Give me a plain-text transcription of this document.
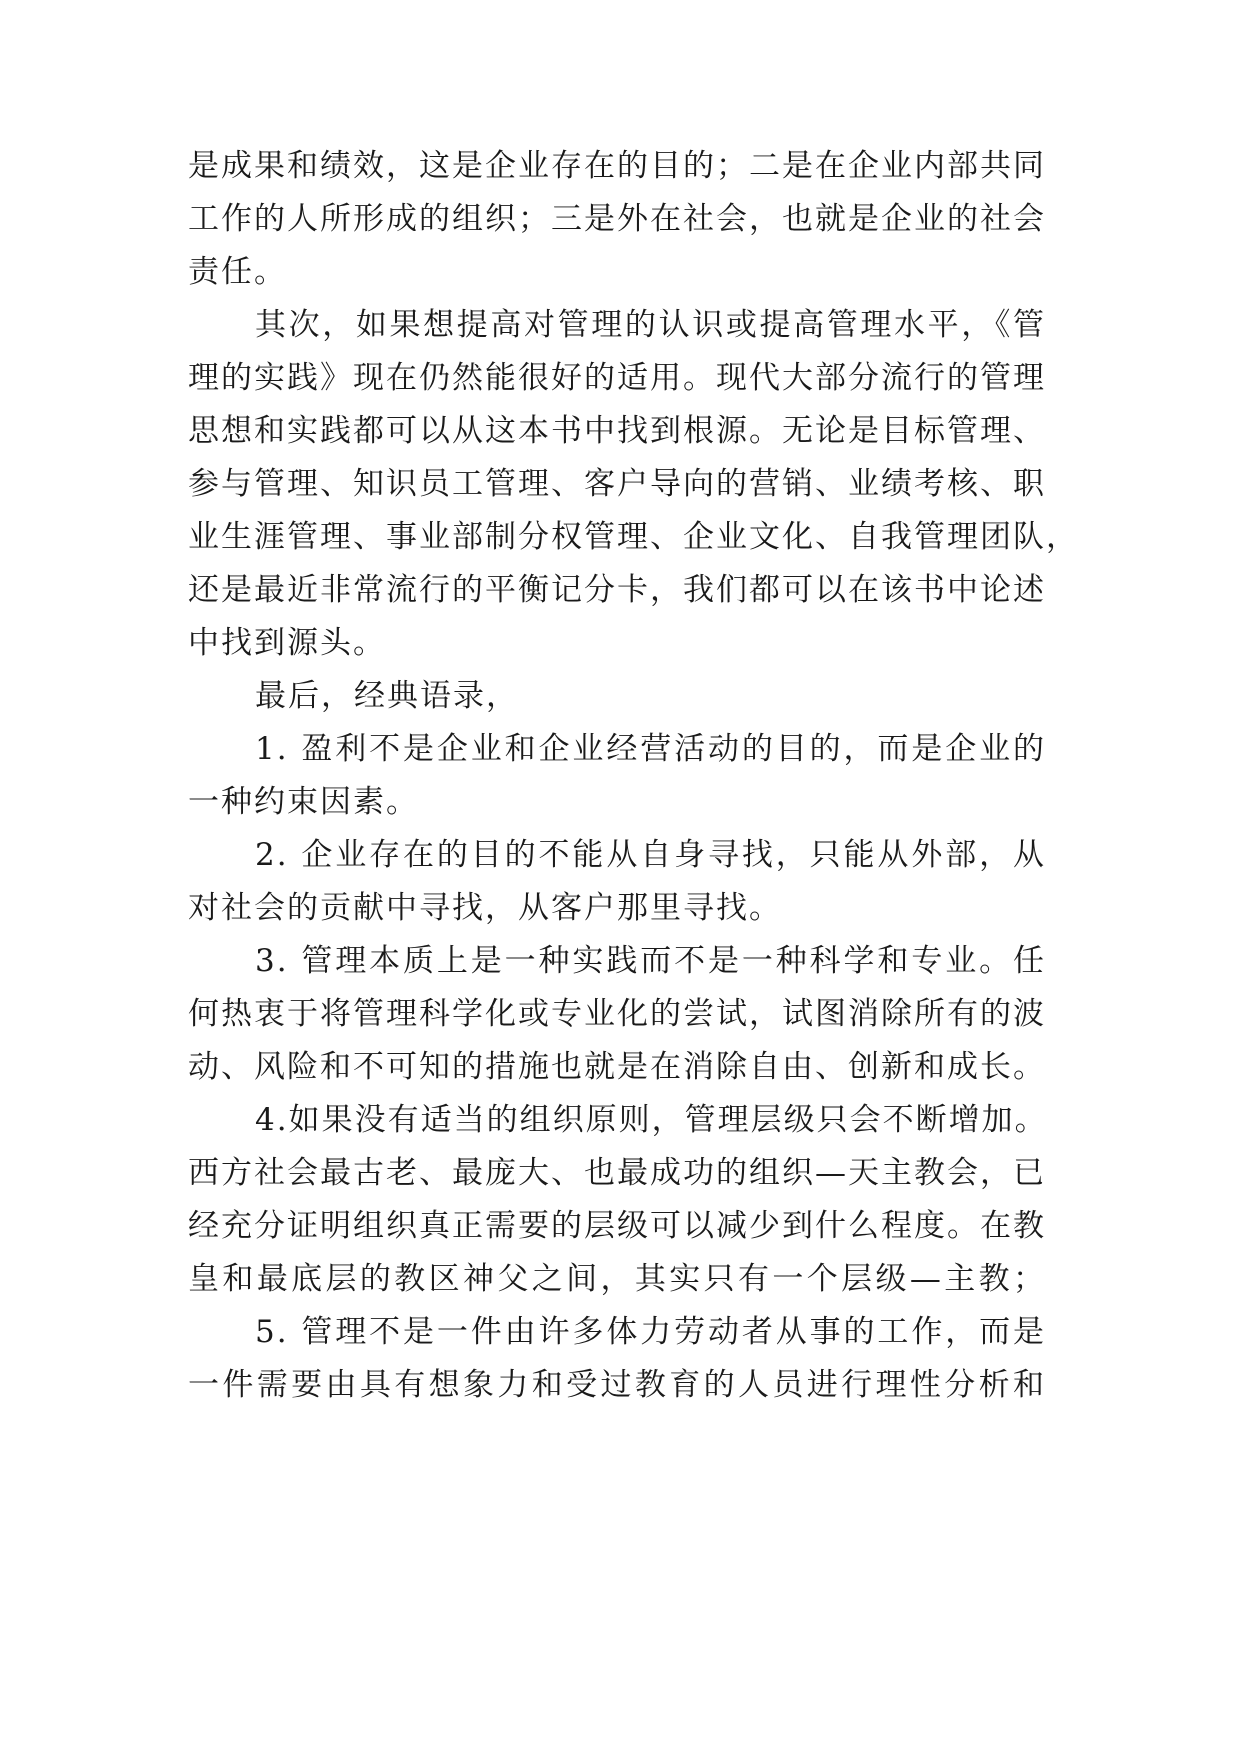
是成果和绩效，这是企业存在的目的；二是在企业内部共同
工作的人所形成的组织；三是外在社会，也就是企业的社会
责任。
其次，如果想提高对管理的认识或提高管理水平，《管
理的实践》现在仍然能很好的适用。现代大部分流行的管理
思想和实践都可以从这本书中找到根源。无论是目标管理、
参与管理、知识员工管理、客户导向的营销、业绩考核、职
业生涯管理、事业部制分权管理、企业文化、自我管理团队，
还是最近非常流行的平衡记分卡，我们都可以在该书中论述
中找到源头。
最后，经典语录，
1. 盈利不是企业和企业经营活动的目的，而是企业的
一种约束因素。
2. 企业存在的目的不能从自身寻找，只能从外部，从
对社会的贡献中寻找，从客户那里寻找。
3. 管理本质上是一种实践而不是一种科学和专业。任
何热衷于将管理科学化或专业化的尝试，试图消除所有的波
动、风险和不可知的措施也就是在消除自由、创新和成长。
4.如果没有适当的组织原则，管理层级只会不断增加。
西方社会最古老、最庞大、也最成功的组织—天主教会，已
经充分证明组织真正需要的层级可以减少到什么程度。在教
皇和最底层的教区神父之间，其实只有一个层级—主教；
5. 管理不是一件由许多体力劳动者从事的工作，而是
一件需要由具有想象力和受过教育的人员进行理性分析和
